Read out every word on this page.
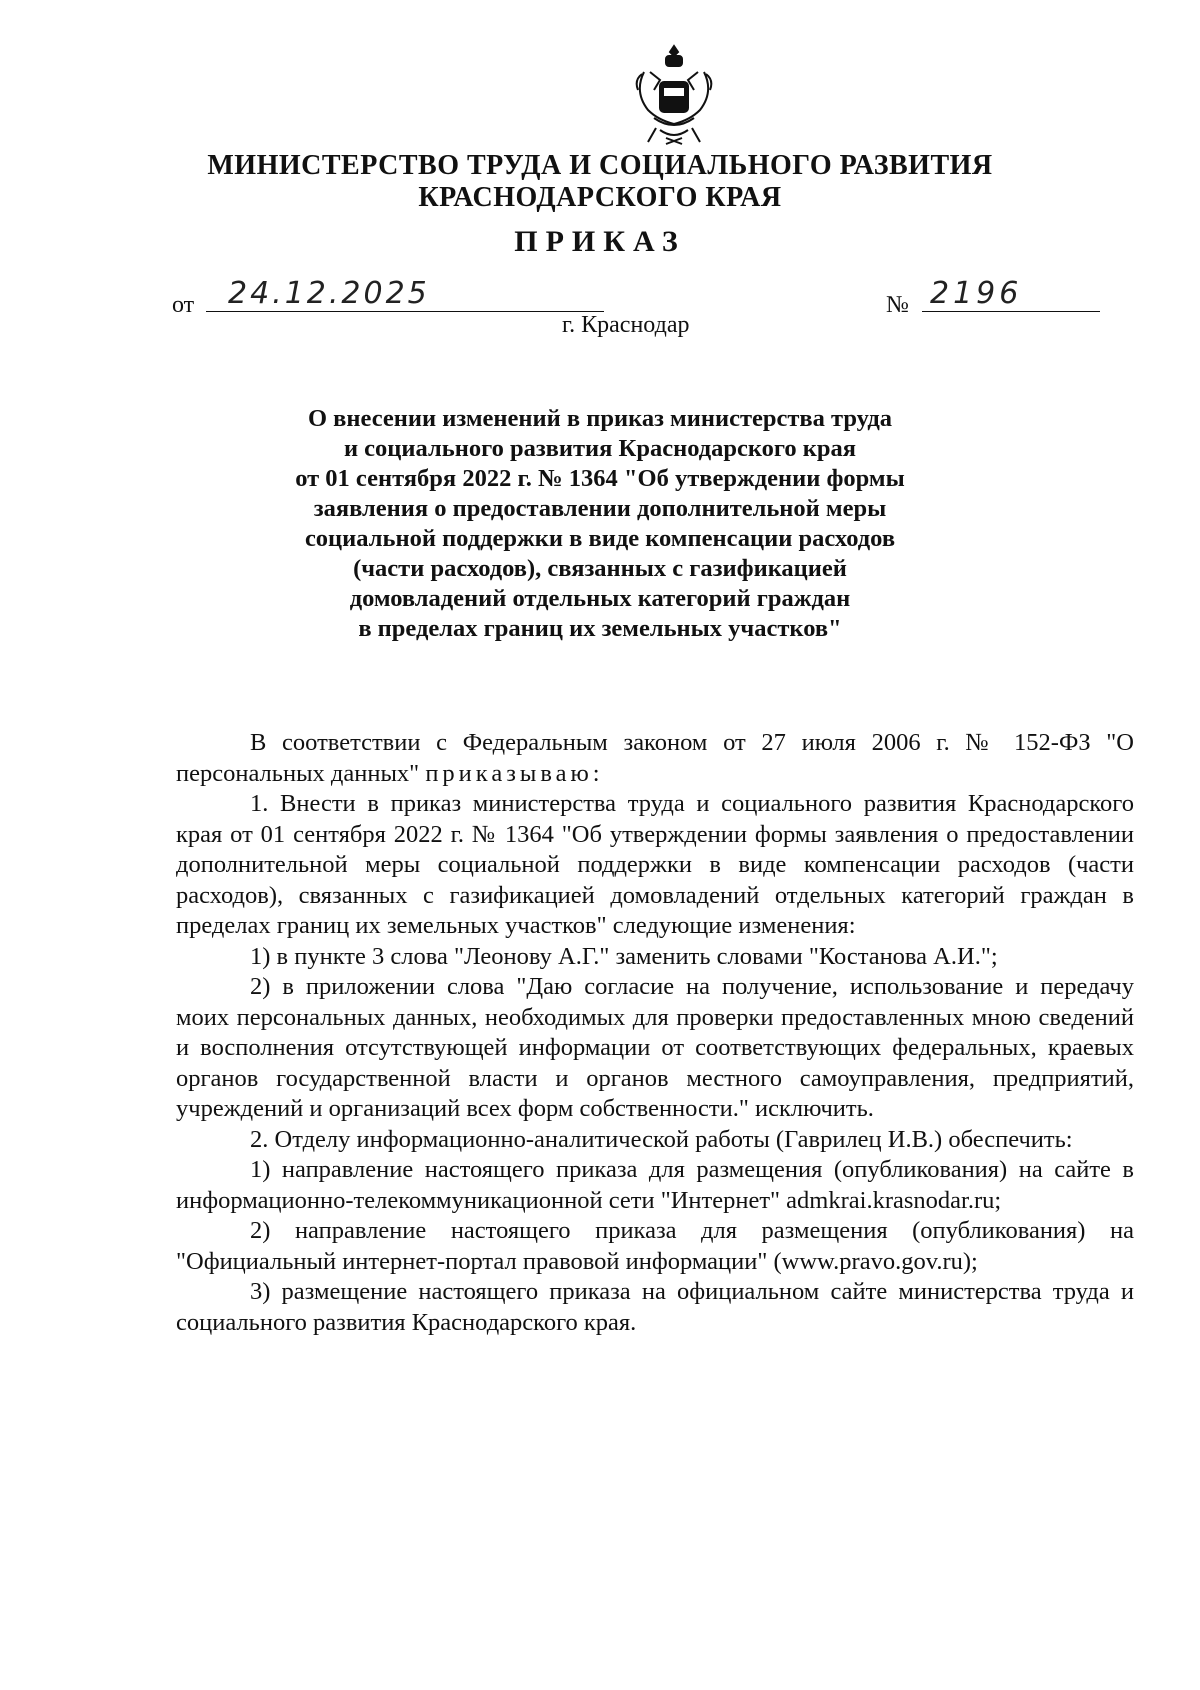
МИНИСТЕРСТВО ТРУДА И СОЦИАЛЬНОГО РАЗВИТИЯ
КРАСНОДАРСКОГО КРАЯ
ПРИКАЗ
от	24.12.2025	№ 2196
г. Краснодар
О внесении изменений в приказ министерства труда
и социального развития Краснодарского края
от 01 сентября 2022 г. № 1364 "Об утверждении формы
заявления о предоставлении дополнительной меры
социальной поддержки в виде компенсации расходов
(части расходов), связанных с газификацией
домовладений отдельных категорий граждан
в пределах границ их земельных участков"

В соответствии с Федеральным законом от 27 июля 2006 г. № 152-ФЗ "О персональных данных" приказываю:

1. Внести в приказ министерства труда и социального развития Краснодарского края от 01 сентября 2022 г. № 1364 "Об утверждении формы заявления о предоставлении дополнительной меры социальной поддержки в виде компенсации расходов (части расходов), связанных с газификацией домовладений отдельных категорий граждан в пределах границ их земельных участков" следующие изменения:

1) в пункте 3 слова "Леонову А.Г." заменить словами "Костанова А.И.";

2) в приложении слова "Даю согласие на получение, использование и передачу моих персональных данных, необходимых для проверки предоставленных мною сведений и восполнения отсутствующей информации от соответствующих федеральных, краевых органов государственной власти и органов местного самоуправления, предприятий, учреждений и организаций всех форм собственности." исключить.

2. Отделу информационно-аналитической работы (Гаврилец И.В.) обеспечить:

1) направление настоящего приказа для размещения (опубликования) на сайте в информационно-телекоммуникационной сети "Интернет" admkrai.krasnodar.ru;

2) направление настоящего приказа для размещения (опубликования) на "Официальный интернет-портал правовой информации" (www.pravo.gov.ru);

3) размещение настоящего приказа на официальном сайте министерства труда и социального развития Краснодарского края.
